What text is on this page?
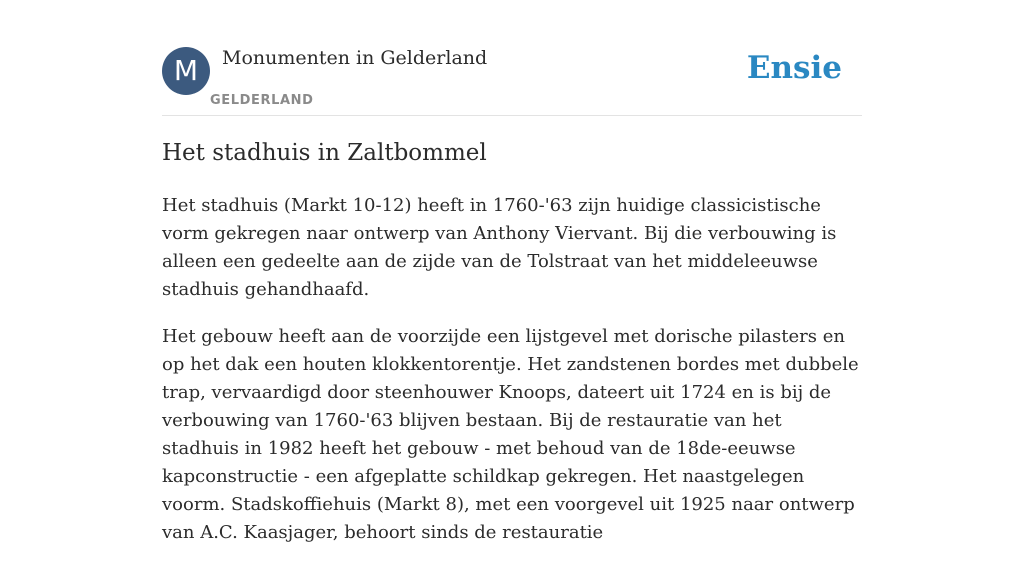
M Monumenten in Gelderland
GELDERLAND
Ensie
Het stadhuis in Zaltbommel

Het stadhuis (Markt 10-12) heeft in 1760-'63 zijn huidige classicistische vorm gekregen naar ontwerp van Anthony Viervant. Bij die verbouwing is alleen een gedeelte aan de zijde van de Tolstraat van het middeleeuwse stadhuis gehandhaafd.

Het gebouw heeft aan de voorzijde een lijstgevel met dorische pilasters en op het dak een houten klokkentorentje. Het zandstenen bordes met dubbele trap, vervaardigd door steenhouwer Knoops, dateert uit 1724 en is bij de verbouwing van 1760-'63 blijven bestaan. Bij de restauratie van het stadhuis in 1982 heeft het gebouw - met behoud van de 18de-eeuwse kapconstructie - een afgeplatte schildkap gekregen. Het naastgelegen voorm. Stadskoffiehuis (Markt 8), met een voorgevel uit 1925 naar ontwerp van A.C. Kaasjager, behoort sinds de restauratie
